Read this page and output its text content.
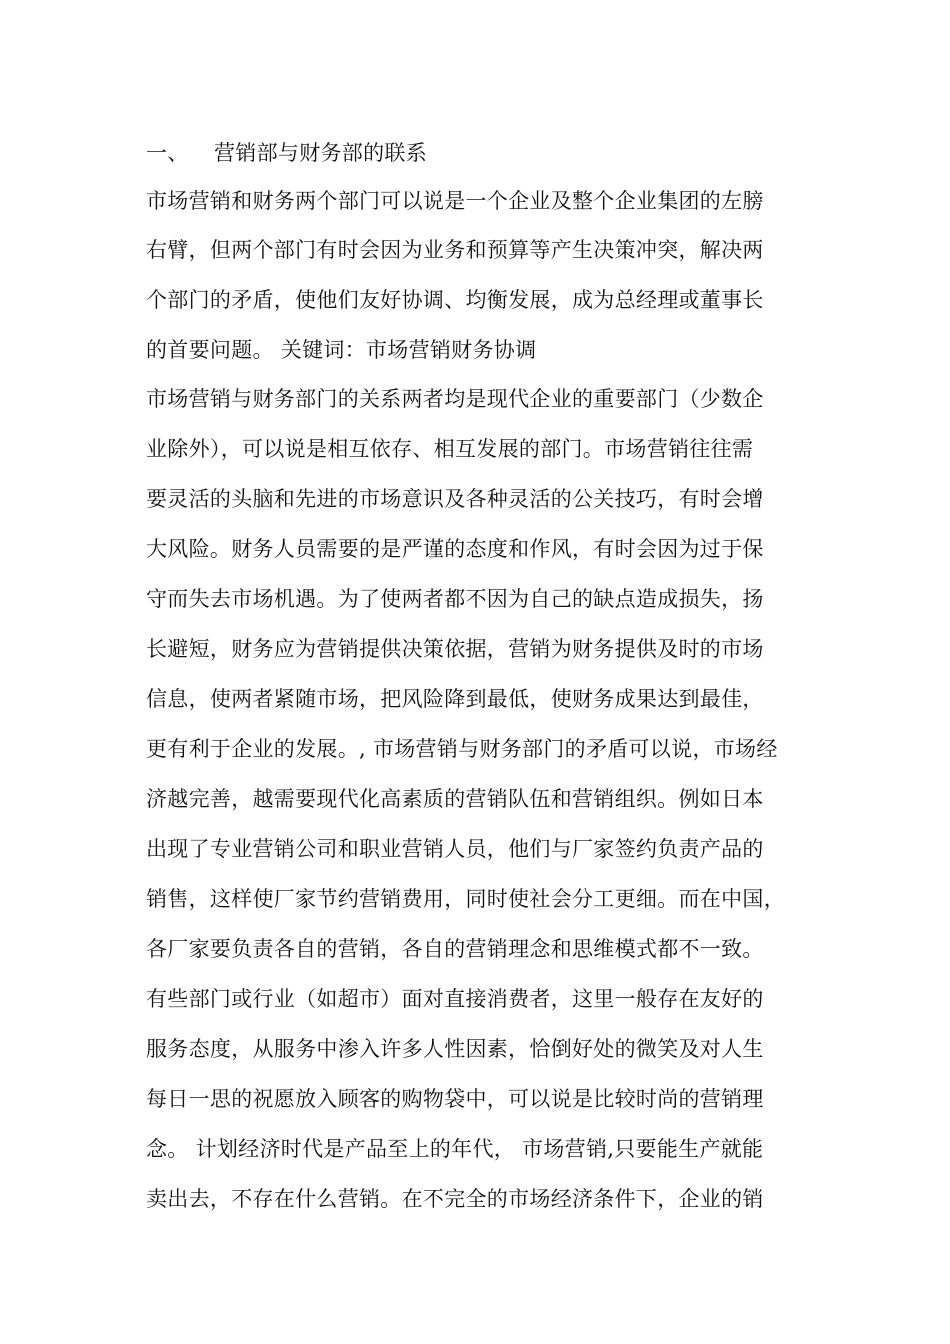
一、 营销部与财务部的联系
市场营销和财务两个部门可以说是一个企业及整个企业集团的左膀
右臂，但两个部门有时会因为业务和预算等产生决策冲突，解决两
个部门的矛盾，使他们友好协调、均衡发展，成为总经理或董事长
的首要问题。 关键词：市场营销财务协调
市场营销与财务部门的关系两者均是现代企业的重要部门（少数企
业除外），可以说是相互依存、相互发展的部门。市场营销往往需
要灵活的头脑和先进的市场意识及各种灵活的公关技巧，有时会增
大风险。财务人员需要的是严谨的态度和作风，有时会因为过于保
守而失去市场机遇。为了使两者都不因为自己的缺点造成损失，扬
长避短，财务应为营销提供决策依据，营销为财务提供及时的市场
信息，使两者紧随市场，把风险降到最低，使财务成果达到最佳，
更有利于企业的发展。, 市场营销与财务部门的矛盾可以说，市场经
济越完善，越需要现代化高素质的营销队伍和营销组织。例如日本
出现了专业营销公司和职业营销人员，他们与厂家签约负责产品的
销售，这样使厂家节约营销费用，同时使社会分工更细。而在中国，
各厂家要负责各自的营销，各自的营销理念和思维模式都不一致。
有些部门或行业（如超市）面对直接消费者，这里一般存在友好的
服务态度，从服务中渗入许多人性因素，恰倒好处的微笑及对人生
每日一思的祝愿放入顾客的购物袋中，可以说是比较时尚的营销理
念。 计划经济时代是产品至上的年代， 市场营销,只要能生产就能
卖出去，不存在什么营销。在不完全的市场经济条件下，企业的销
